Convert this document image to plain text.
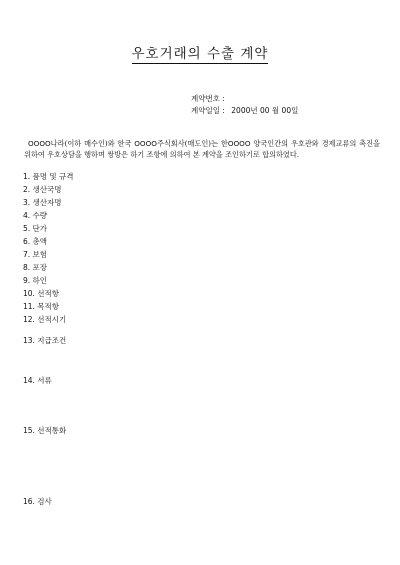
우호거래의 수출 계약
계약번호 :
계약일일 : 2000년 00 월 00일
OOOO나라(이하 매수인)와 한국 OOOO주식회사(매도인)는 한OOOO 양국인간의 우호관와 경제교류의 촉진을 위하여 우호상담을 행하며 쌍방은 하기 조항에 의하여 본 계약을 조인하기로 합의하였다.
1. 품명 및 규격
2. 생산국명
3. 생산자명
4. 수량
5. 단가
6. 총액
7. 보험
8. 포장
9. 하인
10. 선적항
11. 목적항
12. 선적시기
13. 지급조건
14. 서류
15. 선적통화
16. 검사
